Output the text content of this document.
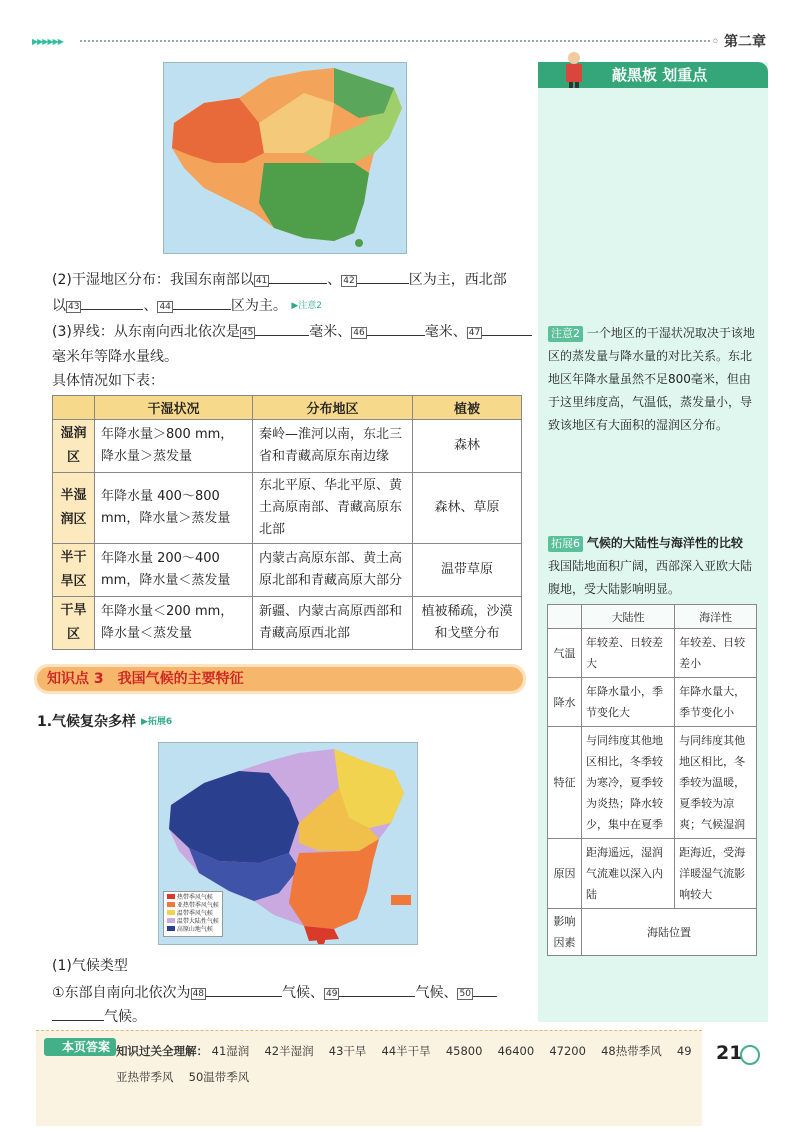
▶▶▶▶▶▶	◦ 第二章
敲黑板 划重点
(2)干湿地区分布：我国东南部以 41	、 42	区为主，西北部
以 43	、 44	区为主。 ▶注意2
(3)界线：从东南向西北依次是 45	毫米、 46	毫米、 47
毫米年等降水量线。
具体情况如下表：
	干湿状况	分布地区	植被
湿润区	年降水量＞800 mm，降水量＞蒸发量	秦岭—淮河以南，东北三省和青藏高原东南边缘	森林
半湿润区	年降水量 400～800 mm，降水量＞蒸发量	东北平原、华北平原、黄土高原南部、青藏高原东北部	森林、草原
半干旱区	年降水量 200～400 mm，降水量＜蒸发量	内蒙古高原东部、黄土高原北部和青藏高原大部分	温带草原
干旱区	年降水量＜200 mm，降水量＜蒸发量	新疆、内蒙古高原西部和青藏高原西北部	植被稀疏，沙漠和戈壁分布
知识点 3　我国气候的主要特征
1.气候复杂多样 ▶拓展6
热带季风气候
亚热带季风气候
温带季风气候
温带大陆性气候
高原山地气候
(1)气候类型
①东部自南向北依次为 48	气候、 49	气候、 50
气候。
注意2 一个地区的干湿状况取决于该地区的蒸发量与降水量的对比关系。东北地区年降水量虽然不足800毫米，但由于这里纬度高，气温低，蒸发量小，导致该地区有大面积的湿润区分布。
拓展6 气候的大陆性与海洋性的比较
我国陆地面积广阔，西部深入亚欧大陆腹地，受大陆影响明显。
	大陆性	海洋性
气温	年较差、日较差大	年较差、日较差小
降水	年降水量小，季节变化大	年降水量大，季节变化小
特征	与同纬度其他地区相比，冬季较为寒冷，夏季较为炎热；降水较少，集中在夏季	与同纬度其他地区相比，冬季较为温暖，夏季较为凉爽；气候湿润
原因	距海遥远，湿润气流难以深入内陆	距海近，受海洋暖湿气流影响较大
影响因素	海陆位置	
本页答案 知识过关全理解： 41湿润　 42半湿润　 43干旱　 44半干旱　 45800　 46400　 47200　 48热带季风　 49亚热带季风　 50温带季风
21
